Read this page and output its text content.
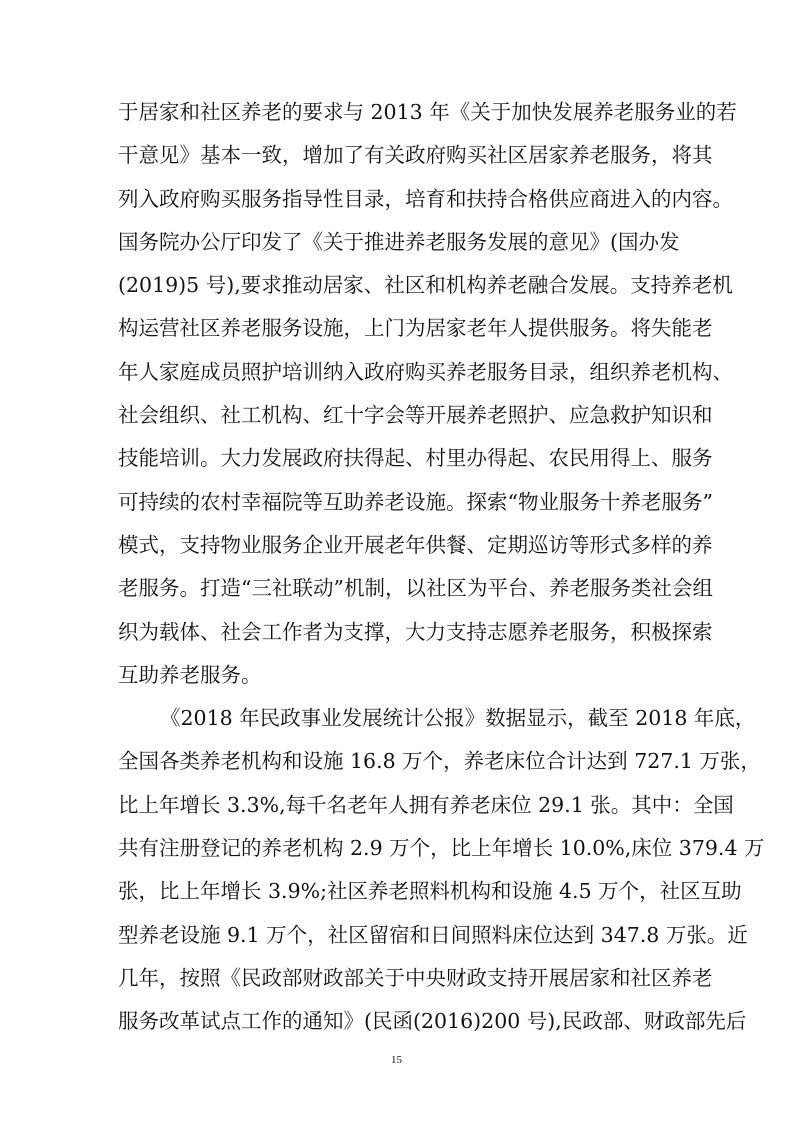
于居家和社区养老的要求与 2013 年《关于加快发展养老服务业的若
干意见》基本一致，增加了有关政府购买社区居家养老服务，将其
列入政府购买服务指导性目录，培育和扶持合格供应商进入的内容。
国务院办公厅印发了《关于推进养老服务发展的意见》(国办发
(2019)5 号),要求推动居家、社区和机构养老融合发展。支持养老机
构运营社区养老服务设施，上门为居家老年人提供服务。将失能老
年人家庭成员照护培训纳入政府购买养老服务目录，组织养老机构、
社会组织、社工机构、红十字会等开展养老照护、应急救护知识和
技能培训。大力发展政府扶得起、村里办得起、农民用得上、服务
可持续的农村幸福院等互助养老设施。探索“物业服务十养老服务”
模式，支持物业服务企业开展老年供餐、定期巡访等形式多样的养
老服务。打造“三社联动”机制，以社区为平台、养老服务类社会组
织为载体、社会工作者为支撑，大力支持志愿养老服务，积极探索
互助养老服务。
《2018 年民政事业发展统计公报》数据显示，截至 2018 年底，
全国各类养老机构和设施 16.8 万个，养老床位合计达到 727.1 万张，
比上年增长 3.3%,每千名老年人拥有养老床位 29.1 张。其中：全国
共有注册登记的养老机构 2.9 万个，比上年增长 10.0%,床位 379.4 万
张，比上年增长 3.9%;社区养老照料机构和设施 4.5 万个，社区互助
型养老设施 9.1 万个，社区留宿和日间照料床位达到 347.8 万张。近
几年，按照《民政部财政部关于中央财政支持开展居家和社区养老
服务改革试点工作的通知》(民函(2016)200 号),民政部、财政部先后
15
